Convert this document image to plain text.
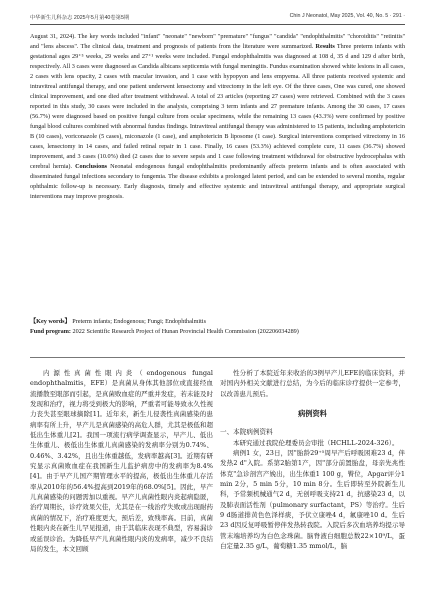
中华新生儿科杂志 2025年5月第40卷第5期	Chin J Neonatol, May 2025, Vol. 40, No. 5 · 291 ·

August 31, 2024). The key words included "infant" "neonate" "newborn" "premature" "fungus" "candida" "endophthalmitis" "choroiditis" "retinitis" and "lens abscess". The clinical data, treatment and prognosis of patients from the literature were summarized. Results Three preterm infants with gestational ages 29⁺⁵ weeks, 29 weeks and 27⁺¹ weeks were included. Fungal endophthalmitis was diagnosed at 108 d, 35 d and 129 d after birth, respectively. All 3 cases were diagnosed as Candida albicans septicemia with fungal meningitis. Fundus examination showed white lesions in all cases, 2 cases with lens opacity, 2 cases with macular invasion, and 1 case with hypopyon and lens empyema. All three patients received systemic and intravitreal antifungal therapy, and one patient underwent lensectomy and vitrectomy in the left eye. Of the three cases, One was cured, one showed clinical improvement, and one died after treatment withdrawal. A total of 23 articles (reporting 27 cases) were retrieved. Combined with the 3 cases reported in this study, 30 cases were included in the analysis, comprising 3 term infants and 27 premature infants. Among the 30 cases, 17 cases (56.7%) were diagnosed based on positive fungal culture from ocular specimens, while the remaining 13 cases (43.3%) were confirmed by positive fungal blood cultures combined with abnormal fundus findings. Intravitreal antifungal therapy was administered to 15 patients, including amphotericin B (10 cases), voriconazole (5 cases), miconazole (1 case), and amphotericin B liposome (1 case). Surgical interventions comprised vitrectomy in 16 cases, lensectomy in 14 cases, and failed retinal repair in 1 case. Finally, 16 cases (53.3%) achieved complete cure, 11 cases (36.7%) showed improvement, and 3 cases (10.0%) died (2 cases due to severe sepsis and 1 case following treatment withdrawal for obstructive hydrocephalus with cerebral hernia). Conclusions Neonatal endogenous fungal endophthalmitis predominantly affects preterm infants and is often associated with disseminated fungal infections secondary to fungemia. The disease exhibits a prolonged latent period, and can be extended to several months, regular ophthalmic follow-up is necessary. Early diagnosis, timely and effective systemic and intravitreal antifungal therapy, and appropriate surgical interventions may improve prognosis.

【Key words】 Preterm infants; Endogenous; Fungi; Endophthalmitis

Fund program: 2022 Scientific Research Project of Hunan Provincial Health Commission (202206034289)

内源性真菌性眼内炎（endogenous fungal endophthalmitis，EFE）是真菌从身体其他部位或直接经血流播散至眼部而引起，是真菌败血症的严重并发症，若未能及时发现和治疗，视力将受到极大的影响，严重者可能导致永久性视力丧失甚至眼球摘除[1]。近年来，新生儿侵袭性真菌感染的患病率有所上升，早产儿是真菌感染的高危人群，尤其是极低和超低出生体重儿[2]。我国一项流行病学调查显示，早产儿、低出生体重儿、极低出生体重儿真菌感染的发病率分别为0.74%、0.46%、3.42%，且出生体重越低，发病率越高[3]。近期有研究显示真菌败血症在我国新生儿监护病房中的发病率为8.4%[4]。由于早产儿国产期管理水平的提高，极低出生体重儿存活率从2010年的56.4%提高到2019年的68.0%[5]。因此，早产儿真菌感染的问题需加以重视。早产儿真菌性眼内炎起病隐匿，治疗周期长，诊疗效果欠佳，尤其是在一线治疗失败或出现耐药真菌的情况下，治疗难度更大，预后差，致残率高。目前，真菌性眼内炎在新生儿罕见报道，由于其临床表现不典型，容易漏诊或延误诊治。为降低早产儿真菌性眼内炎的发病率，减少不良结局的发生，本文回顾

性分析了本院近年来收治的3例早产儿EFE的临床资料，并对国内外相关文献进行总结，为今后的临床诊疗提供一定参考，以改善患儿预后。

病例资料

一、本院病例资料

本研究通过我院伦理委员会审批（HCHLL-2024-326）。

病例1 女，23日，因"胎龄29⁺⁵周早产后呼吸困难23 d，伴发热2 d"入院。系第2胎第1产，因"部分前置胎盘，母亲先兆性体克"急诊剖宫产娩出，出生体重1 100 g，臀位，Apgar评分1 min 2分，5 min 5分，10 min 8分。生后即转至外院新生儿科，予常频机械通气2 d，无创呼吸支持21 d，抗感染23 d，以及肺表面活性剂（pulmonary surfactant，PS）等治疗。生后9 d肠道排黄色色泽样痰，予伏立康唑4 d，氟康唑10 d。生后23 d因反复呼吸暂停伴发热转我院。入院后多次血培养均提示导管末端培养均为白色念珠菌。脑脊液白细胞总数22×10⁹/L，蛋白定量2.35 g/L，葡萄糖1.35 mmol/L，脑
